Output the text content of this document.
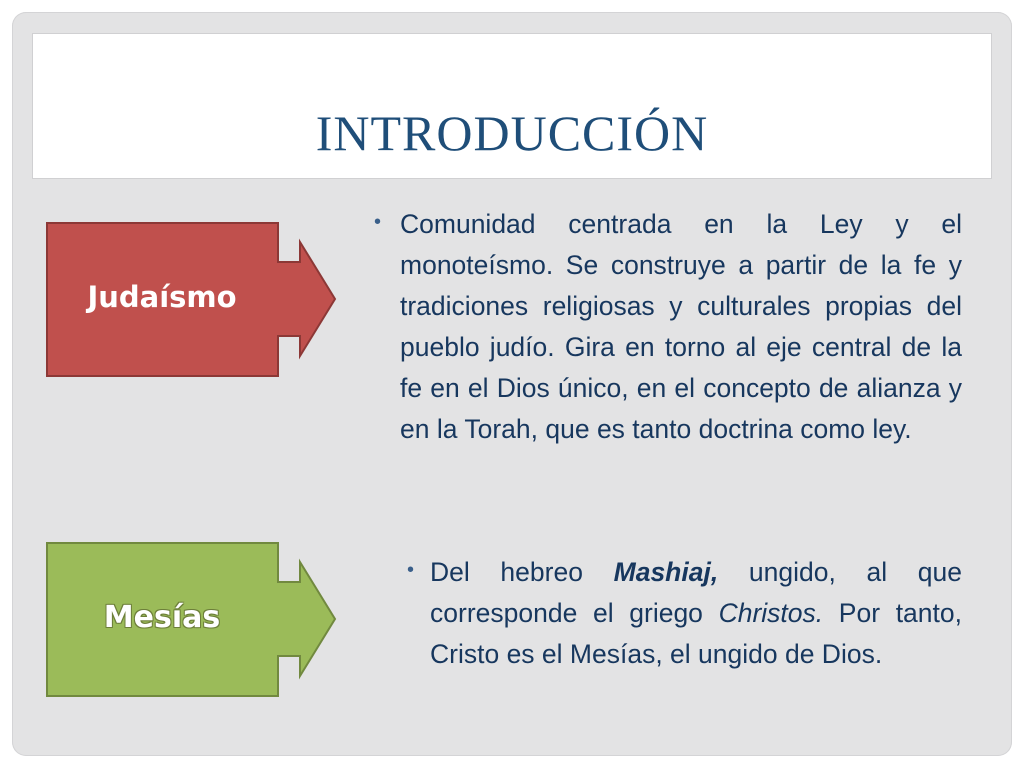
INTRODUCCIÓN
Judaísmo
Mesías
• Comunidad centrada en la Ley y el monoteísmo. Se construye a partir de la fe y tradiciones religiosas y culturales propias del pueblo judío. Gira en torno al eje central de la fe en el Dios único, en el concepto de alianza y en la Torah, que es tanto doctrina como ley.
• Del hebreo Mashiaj, ungido, al que corresponde el griego Christos. Por tanto, Cristo es el Mesías, el ungido de Dios.
